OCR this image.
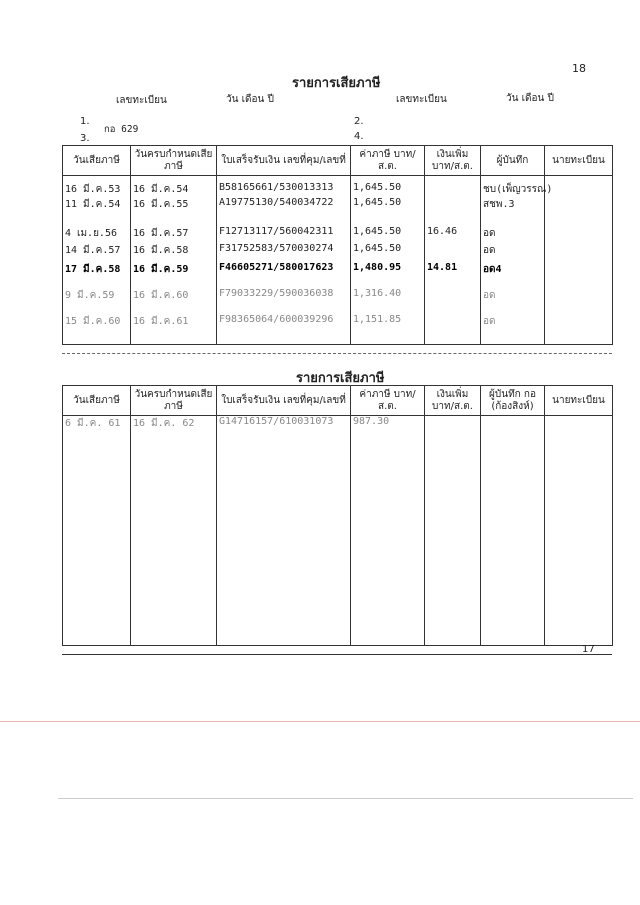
18
รายการเสียภาษี
เลขทะเบียน	วัน เดือน ปี	เลขทะเบียน	วัน เดือน ปี
1.
กอ 629
2.
3.	4.
วันเสียภาษี	วันครบกำหนดเสียภาษี	ใบเสร็จรับเงิน เลขที่คุม/เลขที่	ค่าภาษี บาท/ส.ต.	เงินเพิ่ม บาท/ส.ต.	ผู้บันทึก	นายทะเบียน
16 มี.ค.53	16 มี.ค.54	B58165661/530013313	1,645.50		ชบ(เพ็ญวรรณ)	
11 มี.ค.54	16 มี.ค.55	A19775130/540034722	1,645.50		สชพ.3	
4 เม.ย.56	16 มี.ค.57	F12713117/560042311	1,645.50	16.46	อด	
14 มี.ค.57	16 มี.ค.58	F31752583/570030274	1,645.50		อด	
17 มี.ค.58	16 มี.ค.59	F46605271/580017623	1,480.95	14.81	อด4	
9 มี.ค.59	16 มี.ค.60	F79033229/590036038	1,316.40		อด	
15 มี.ค.60	16 มี.ค.61	F98365064/600039296	1,151.85		อด	
รายการเสียภาษี
วันเสียภาษี	วันครบกำหนดเสียภาษี	ใบเสร็จรับเงิน เลขที่คุม/เลขที่	ค่าภาษี บาท/ส.ต.	เงินเพิ่ม บาท/ส.ต.	ผู้บันทึก กอ (ก้องสิงห์)	นายทะเบียน
6 มี.ค. 61	16 มี.ค. 62	G14716157/610031073	987.30			
17
